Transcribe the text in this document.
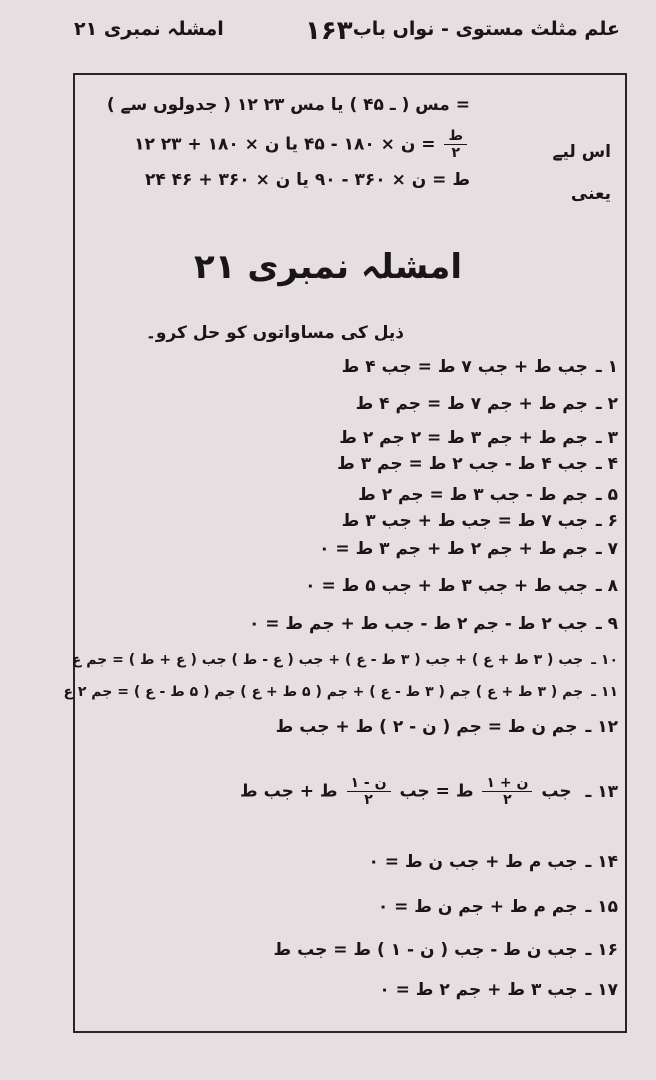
علم مثلث مستوی - نواں باب
۱۶۳
امشلہ نمبری ۲۱
= مس ( ـ ۴۵ ) یا مس ۲۳ ۱۲ ( جدولوں سے )
اس لیے
$\frac{\text{ط}}{۲}$
= ن × ۱۸۰ - ۴۵ یا ن × ۱۸۰ + ۲۳ ۱۲
یعنی
ط = ن × ۳۶۰ - ۹۰ یا ن × ۳۶۰ + ۴۶ ۲۴
امشلہ نمبری ۲۱
ذیل کی مساواتوں کو حل کرو۔
۱ ـجب ط + جب ۷ ط = جب ۴ ط
۲ ـجم ط + جم ۷ ط = جم ۴ ط
۳ ـجم ط + جم ۳ ط = ۲ جم ۲ ط
۴ ـجب ۴ ط - جب ۲ ط = جم ۳ ط
۵ ـجم ط - جب ۳ ط = جم ۲ ط
۶ ـجب ۷ ط = جب ط + جب ۳ ط
۷ ـجم ط + جم ۲ ط + جم ۳ ط = ۰
۸ ـجب ط + جب ۳ ط + جب ۵ ط = ۰
۹ ـجب ۲ ط - جم ۲ ط - جب ط + جم ط = ۰
۱۰ ـجب ( ۳ ط + ع ) + جب ( ۳ ط - ع ) + جب ( ع - ط ) جب ( ع + ط ) = جم ع
۱۱ ـجم ( ۳ ط + ع ) جم ( ۳ ط - ع ) + جم ( ۵ ط + ع ) جم ( ۵ ط - ع ) = جم ۲ ع
۱۲ ـجم ن ط = جم ( ن - ۲ ) ط + جب ط
۱۳ ـ جب
$\frac{\text{ن + ۱}}{۲}$
ط = جب
$\frac{\text{ن - ۱}}{۲}$
ط + جب ط
۱۴ ـجب م ط + جب ن ط = ۰
۱۵ ـجم م ط + جم ن ط = ۰
۱۶ ـجب ن ط - جب ( ن - ۱ ) ط = جب ط
۱۷ ـجب ۳ ط + جم ۲ ط = ۰
